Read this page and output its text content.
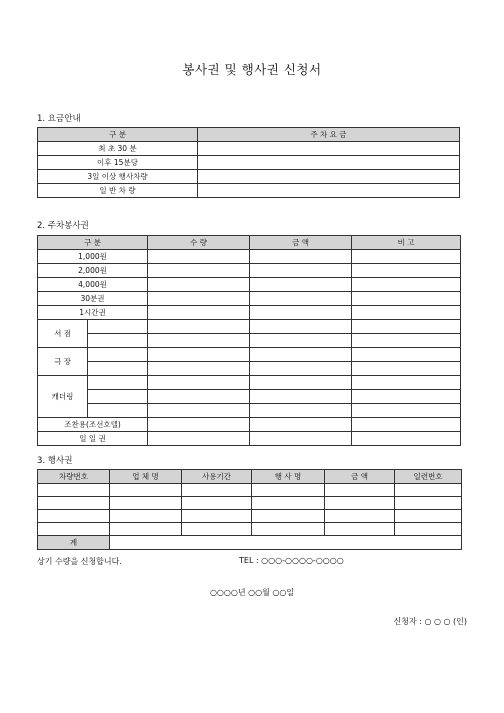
봉사권 및 행사권 신청서
1. 요금안내
구 분	주 차 요 금
최 초 30 분	
이후 15분당	
3일 이상 행사차량	
일 반 차 량	
2. 주차봉사권
구 분		수 량	금 액	비 고
1,000원				
2,000원				
4,000원				
30분권				
1시간권				
서 점				

극 장				

캐더링				

조찬용(조선호텔)				
일 일 권				
3. 행사권
차량번호	업 체 명	사용기간	행 사 명	금 액	일련번호

계					
상기 수량을 신청합니다.	TEL : ○○○-○○○○-○○○○
○○○○년 ○○월 ○○일
신청자 : ○ ○ ○ (인)
